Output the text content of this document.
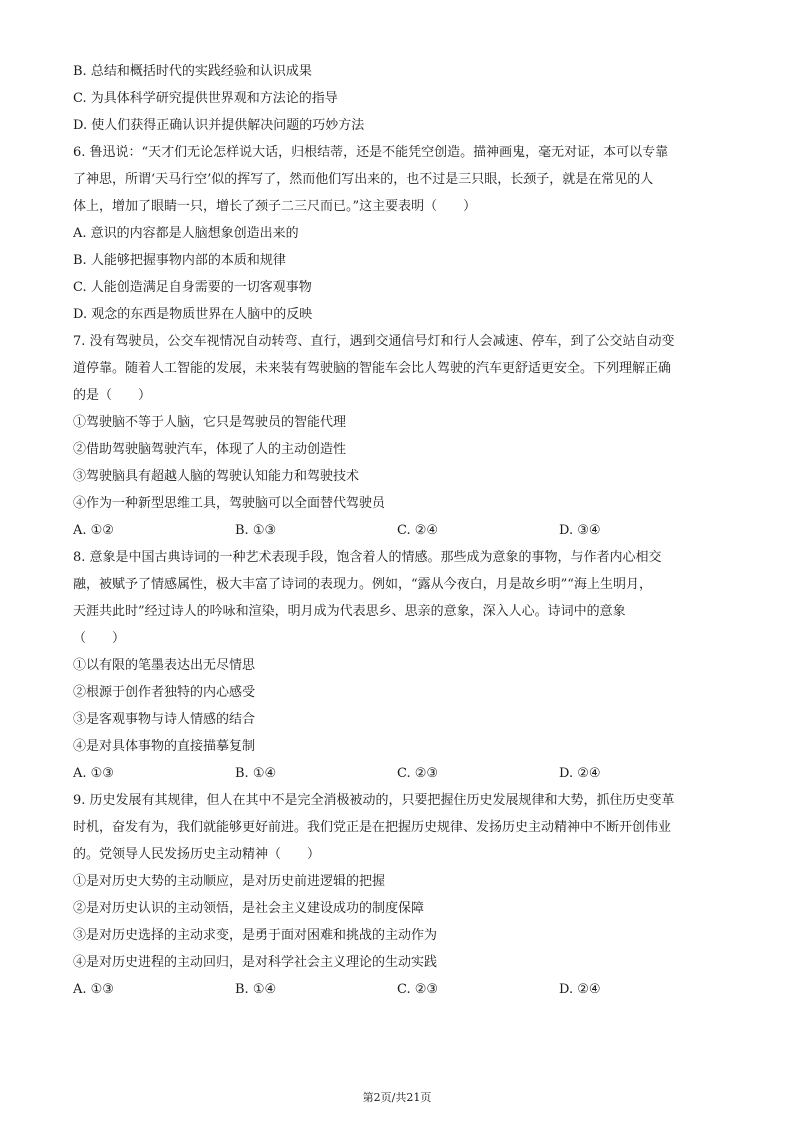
B. 总结和概括时代的实践经验和认识成果
C. 为具体科学研究提供世界观和方法论的指导
D. 使人们获得正确认识并提供解决问题的巧妙方法
6. 鲁迅说：“天才们无论怎样说大话，归根结蒂，还是不能凭空创造。描神画鬼，毫无对证，本可以专靠
了神思，所谓‘天马行空’似的挥写了，然而他们写出来的，也不过是三只眼，长颈子，就是在常见的人
体上，增加了眼睛一只，增长了颈子二三尺而已。”这主要表明（　　）
A. 意识的内容都是人脑想象创造出来的
B. 人能够把握事物内部的本质和规律
C. 人能创造满足自身需要的一切客观事物
D. 观念的东西是物质世界在人脑中的反映
7. 没有驾驶员，公交车视情况自动转弯、直行，遇到交通信号灯和行人会减速、停车，到了公交站自动变
道停靠。随着人工智能的发展，未来装有驾驶脑的智能车会比人驾驶的汽车更舒适更安全。下列理解正确
的是（　　）
①驾驶脑不等于人脑，它只是驾驶员的智能代理
②借助驾驶脑驾驶汽车，体现了人的主动创造性
③驾驶脑具有超越人脑的驾驶认知能力和驾驶技术
④作为一种新型思维工具，驾驶脑可以全面替代驾驶员
A. ①②	B. ①③	C. ②④	D. ③④
8. 意象是中国古典诗词的一种艺术表现手段，饱含着人的情感。那些成为意象的事物，与作者内心相交
融，被赋予了情感属性，极大丰富了诗词的表现力。例如，“露从今夜白，月是故乡明”“海上生明月，
天涯共此时”经过诗人的吟咏和渲染，明月成为代表思乡、思亲的意象，深入人心。诗词中的意象
（　　）
①以有限的笔墨表达出无尽情思
②根源于创作者独特的内心感受
③是客观事物与诗人情感的结合
④是对具体事物的直接描摹复制
A. ①③	B. ①④	C. ②③	D. ②④
9. 历史发展有其规律，但人在其中不是完全消极被动的，只要把握住历史发展规律和大势，抓住历史变革
时机，奋发有为，我们就能够更好前进。我们党正是在把握历史规律、发扬历史主动精神中不断开创伟业
的。党领导人民发扬历史主动精神（　　）
①是对历史大势的主动顺应，是对历史前进逻辑的把握
②是对历史认识的主动领悟，是社会主义建设成功的制度保障
③是对历史选择的主动求变，是勇于面对困难和挑战的主动作为
④是对历史进程的主动回归，是对科学社会主义理论的生动实践
A. ①③	B. ①④	C. ②③	D. ②④
第2页/共21页
